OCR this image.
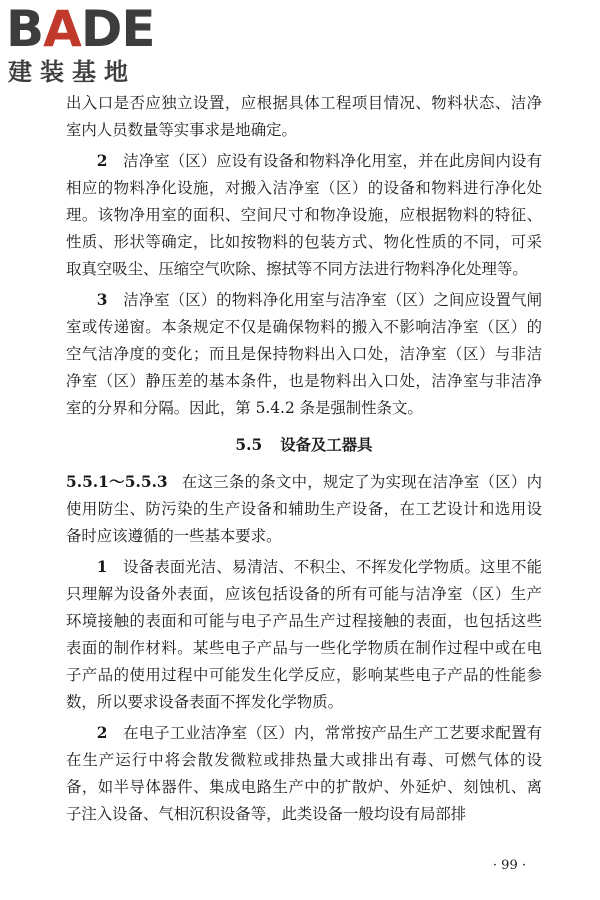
BADE
建装基地

出入口是否应独立设置，应根据具体工程项目情况、物料状态、洁净室内人员数量等实事求是地确定。

2　 洁净室（区）应设有设备和物料净化用室，并在此房间内设有相应的物料净化设施，对搬入洁净室（区）的设备和物料进行净化处理。该物净用室的面积、空间尺寸和物净设施，应根据物料的特征、性质、形状等确定，比如按物料的包装方式、物化性质的不同，可采取真空吸尘、压缩空气吹除、擦拭等不同方法进行物料净化处理等。

3　 洁净室（区）的物料净化用室与洁净室（区）之间应设置气闸室或传递窗。本条规定不仅是确保物料的搬入不影响洁净室（区）的空气洁净度的变化；而且是保持物料出入口处，洁净室（区）与非洁净室（区）静压差的基本条件，也是物料出入口处，洁净室与非洁净室的分界和分隔。因此，第 5.4.2 条是强制性条文。

5.5 设备及工器具

5.5.1～5.5.3 在这三条的条文中，规定了为实现在洁净室（区）内使用防尘、防污染的生产设备和辅助生产设备，在工艺设计和选用设备时应该遵循的一些基本要求。

1　 设备表面光洁、易清洁、不积尘、不挥发化学物质。这里不能只理解为设备外表面，应该包括设备的所有可能与洁净室（区）生产环境接触的表面和可能与电子产品生产过程接触的表面，也包括这些表面的制作材料。某些电子产品与一些化学物质在制作过程中或在电子产品的使用过程中可能发生化学反应，影响某些电子产品的性能参数，所以要求设备表面不挥发化学物质。

2　 在电子工业洁净室（区）内，常常按产品生产工艺要求配置有在生产运行中将会散发微粒或排热量大或排出有毒、可燃气体的设备，如半导体器件、集成电路生产中的扩散炉、外延炉、刻蚀机、离子注入设备、气相沉积设备等，此类设备一般均设有局部排

· 99 ·
